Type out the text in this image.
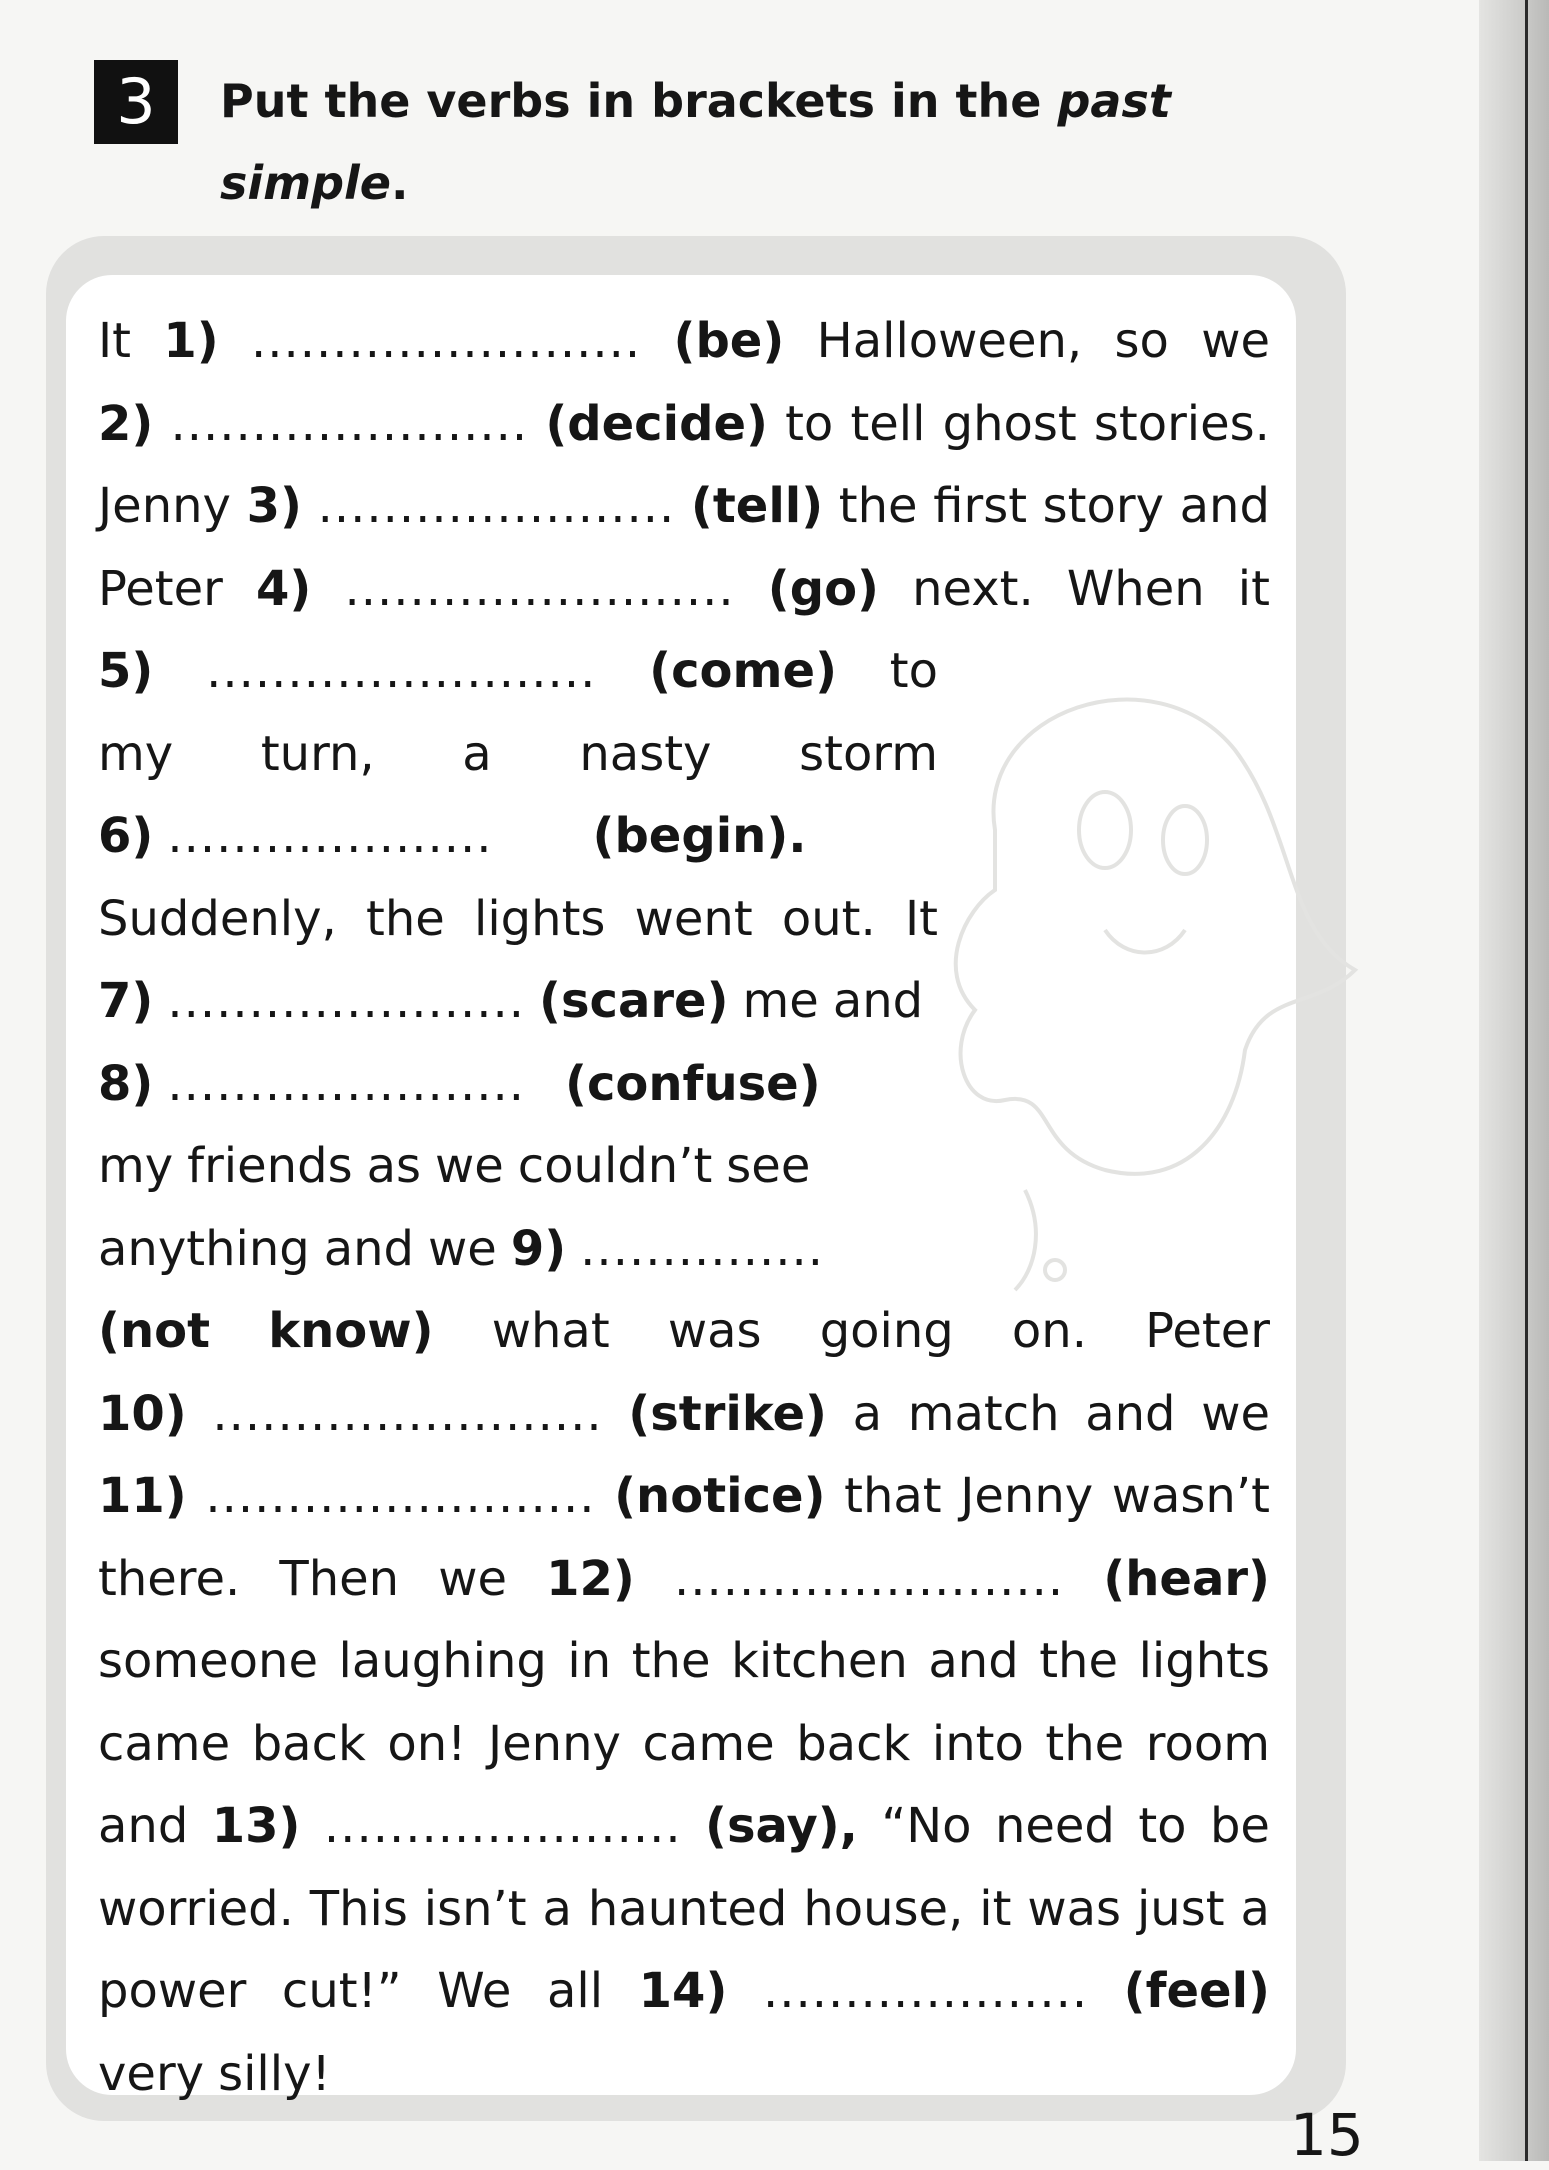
3	Put the verbs in brackets in the past simple.
It 1) ........................ (be) Halloween, so we
2) ...................... (decide) to tell ghost stories.
Jenny 3) ...................... (tell) the first story and
Peter 4) ........................ (go) next. When it
5) ........................ (come) to
my turn, a nasty storm
6) .................... (begin).
Suddenly, the lights went out. It
7) ...................... (scare) me and
8) ...................... (confuse)
my friends as we couldn’t see
anything and we 9) ...............
(not know) what was going on. Peter
10) ........................ (strike) a match and we
11) ........................ (notice) that Jenny wasn’t
there. Then we 12) ........................ (hear)
someone laughing in the kitchen and the lights
came back on! Jenny came back into the room
and 13) ...................... (say), “No need to be
worried. This isn’t a haunted house, it was just a
power cut!” We all 14) .................... (feel)
very silly!
15
